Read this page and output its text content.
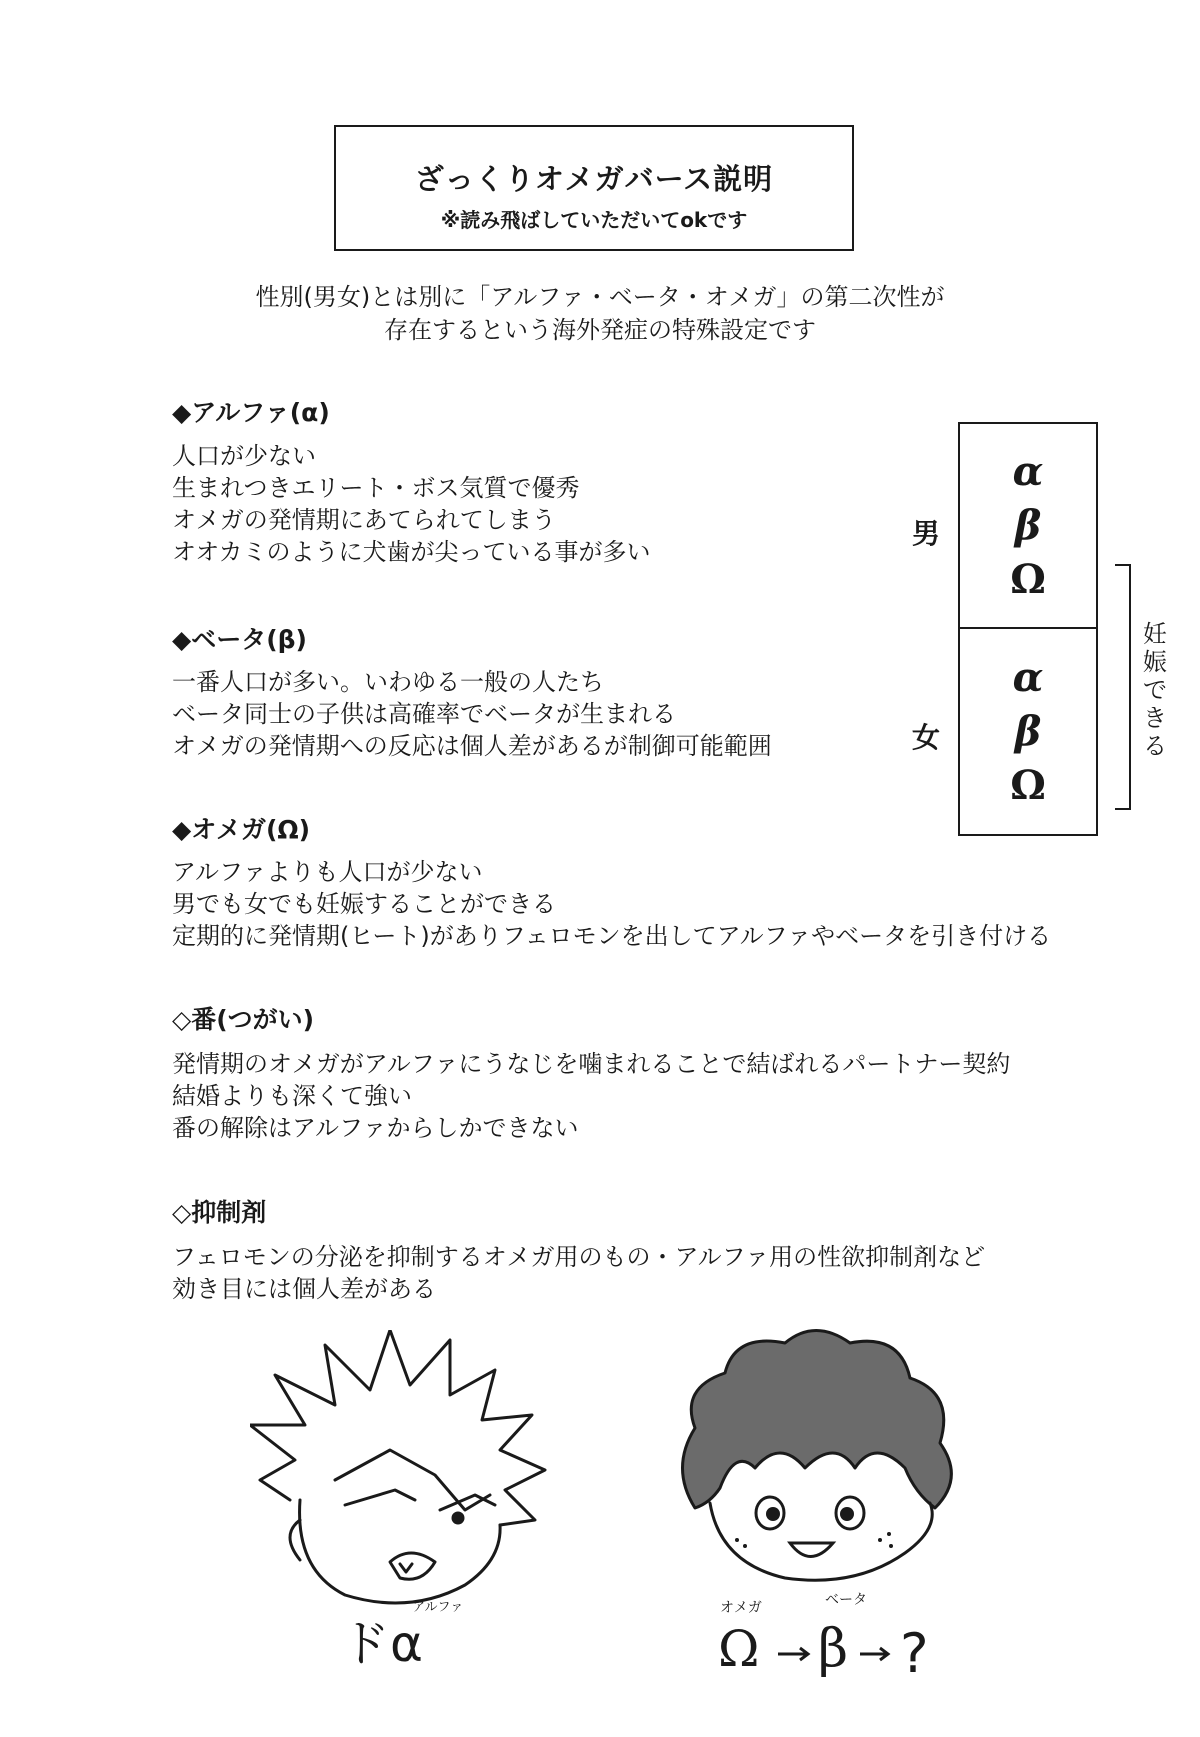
ざっくりオメガバース説明
※読み飛ばしていただいてokです
性別(男女)とは別に「アルファ・ベータ・オメガ」の第二次性が
存在するという海外発症の特殊設定です
◆アルファ(α)
人口が少ない
生まれつきエリート・ボス気質で優秀
オメガの発情期にあてられてしまう
オオカミのように犬歯が尖っている事が多い
◆ベータ(β)
一番人口が多い。いわゆる一般の人たち
ベータ同士の子供は高確率でベータが生まれる
オメガの発情期への反応は個人差があるが制御可能範囲
◆オメガ(Ω)
アルファよりも人口が少ない
男でも女でも妊娠することができる
定期的に発情期(ヒート)がありフェロモンを出してアルファやベータを引き付ける
◇番(つがい)
発情期のオメガがアルファにうなじを噛まれることで結ばれるパートナー契約
結婚よりも深くて強い
番の解除はアルファからしかできない
◇抑制剤
フェロモンの分泌を抑制するオメガ用のもの・アルファ用の性欲抑制剤など
効き目には個人差がある
男
女
α
β
Ω
α
β
Ω
妊
娠
で
き
る
アルファ
ドα
オメガ	ベータ
Ω β ?
